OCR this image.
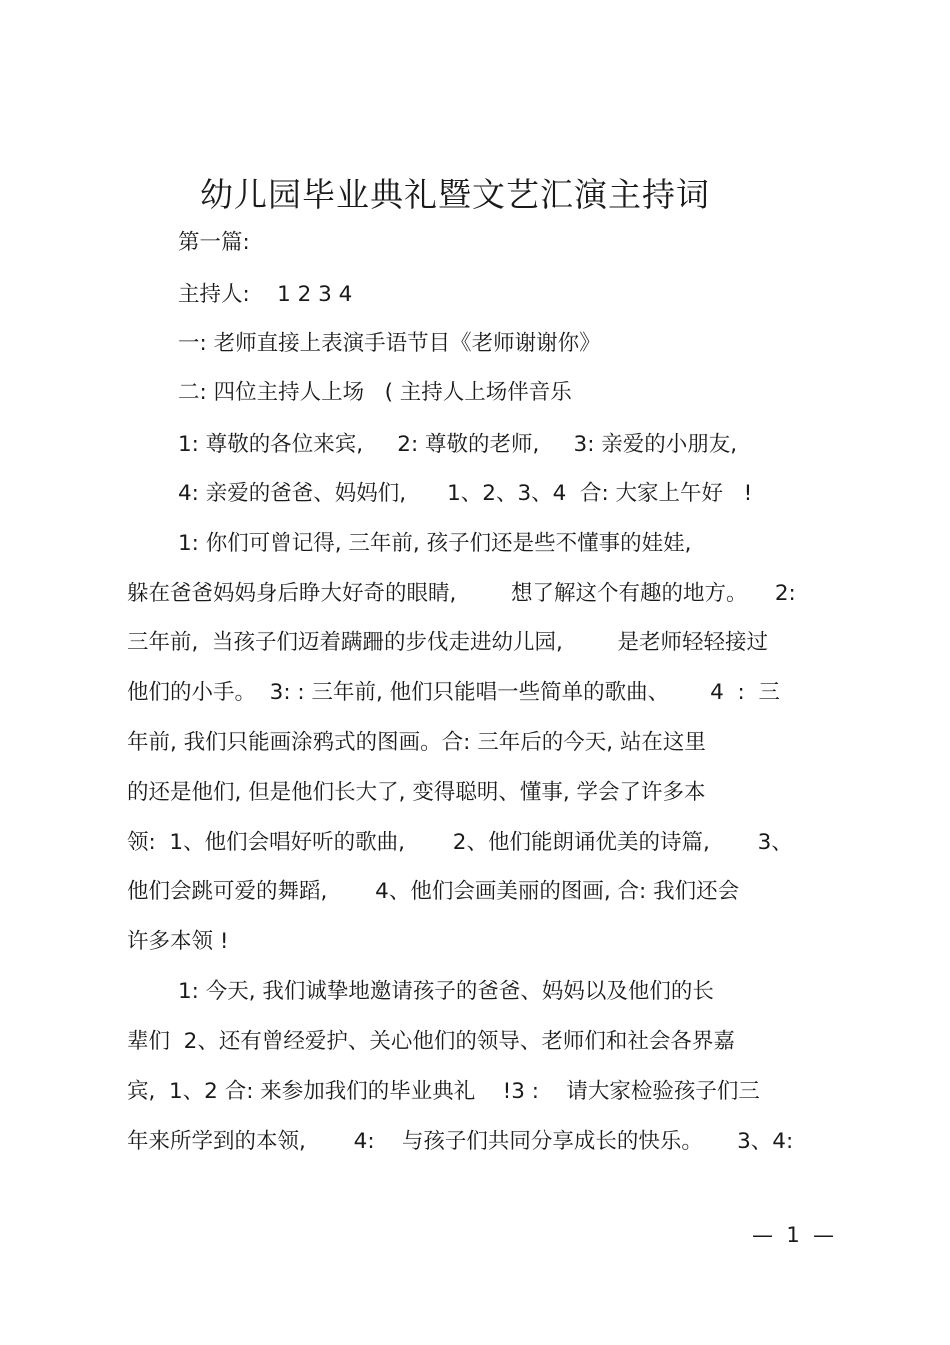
幼儿园毕业典礼暨文艺汇演主持词
第一篇:
主持人:    1 2 3 4
一: 老师直接上表演手语节目《老师谢谢你》
二: 四位主持人上场   ( 主持人上场伴音乐
1: 尊敬的各位来宾,     2: 尊敬的老师,     3: 亲爱的小朋友,
4: 亲爱的爸爸、妈妈们,      1、2、3、4  合: 大家上午好   !
1: 你们可曾记得, 三年前, 孩子们还是些不懂事的娃娃,
躲在爸爸妈妈身后睁大好奇的眼睛,        想了解这个有趣的地方。    2:
三年前,  当孩子们迈着蹒跚的步伐走进幼儿园,        是老师轻轻接过
他们的小手。  3: : 三年前, 他们只能唱一些简单的歌曲、      4  :  三
年前, 我们只能画涂鸦式的图画。合: 三年后的今天, 站在这里
的还是他们, 但是他们长大了, 变得聪明、懂事, 学会了许多本
领:  1、他们会唱好听的歌曲,       2、他们能朗诵优美的诗篇,       3、
他们会跳可爱的舞蹈,       4、他们会画美丽的图画, 合: 我们还会
许多本领 !
1: 今天, 我们诚挚地邀请孩子的爸爸、妈妈以及他们的长
辈们  2、还有曾经爱护、关心他们的领导、老师们和社会各界嘉
宾,  1、2 合: 来参加我们的毕业典礼    !3 :    请大家检验孩子们三
年来所学到的本领,       4:    与孩子们共同分享成长的快乐。     3、4:
—  1  —
